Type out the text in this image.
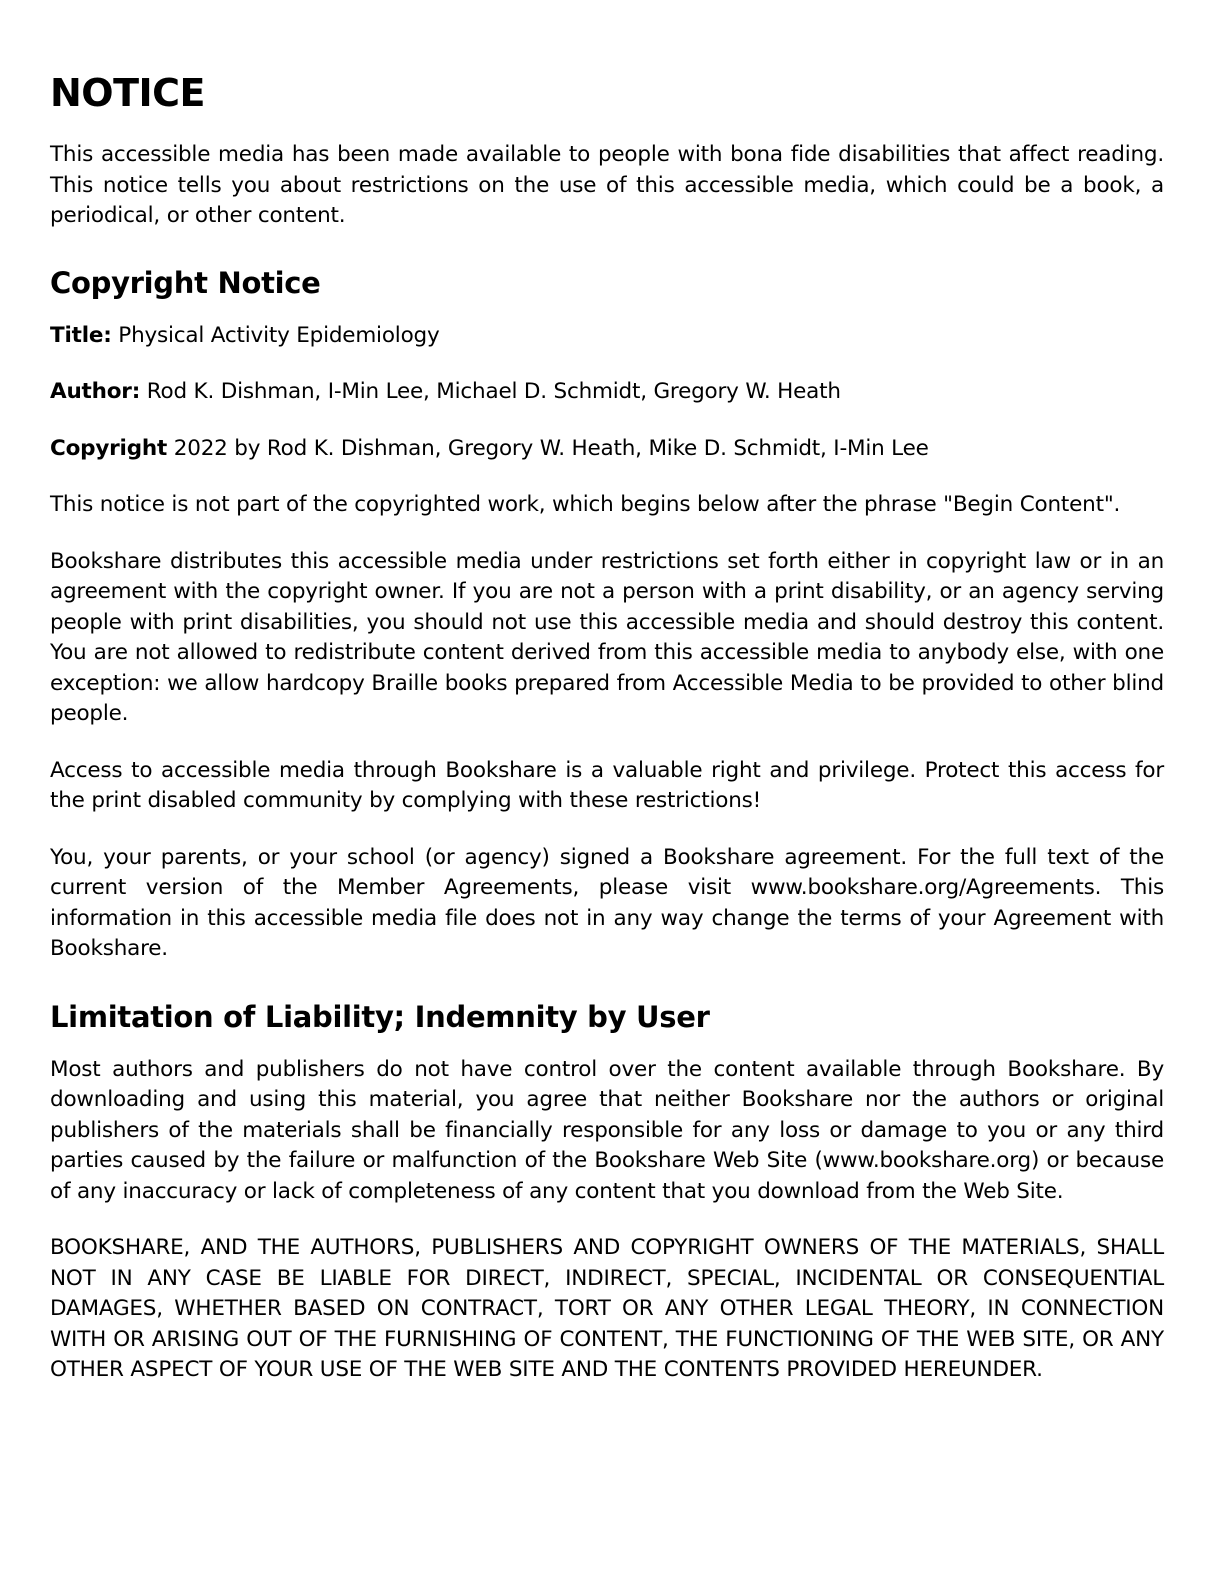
NOTICE

This accessible media has been made available to people with bona fide disabilities that affect reading. This notice tells you about restrictions on the use of this accessible media, which could be a book, a periodical, or other content.

Copyright Notice

Title: Physical Activity Epidemiology

Author: Rod K. Dishman, I-Min Lee, Michael D. Schmidt, Gregory W. Heath

Copyright 2022 by Rod K. Dishman, Gregory W. Heath, Mike D. Schmidt, I-Min Lee

This notice is not part of the copyrighted work, which begins below after the phrase "Begin Content".

Bookshare distributes this accessible media under restrictions set forth either in copyright law or in an agreement with the copyright owner. If you are not a person with a print disability, or an agency serving people with print disabilities, you should not use this accessible media and should destroy this content. You are not allowed to redistribute content derived from this accessible media to anybody else, with one exception: we allow hardcopy Braille books prepared from Accessible Media to be provided to other blind people.

Access to accessible media through Bookshare is a valuable right and privilege. Protect this access for the print disabled community by complying with these restrictions!

You, your parents, or your school (or agency) signed a Bookshare agreement. For the full text of the current version of the Member Agreements, please visit www.bookshare.org/Agreements. This information in this accessible media file does not in any way change the terms of your Agreement with Bookshare.

Limitation of Liability; Indemnity by User

Most authors and publishers do not have control over the content available through Bookshare. By downloading and using this material, you agree that neither Bookshare nor the authors or original publishers of the materials shall be financially responsible for any loss or damage to you or any third parties caused by the failure or malfunction of the Bookshare Web Site (www.bookshare.org) or because of any inaccuracy or lack of completeness of any content that you download from the Web Site.

BOOKSHARE, AND THE AUTHORS, PUBLISHERS AND COPYRIGHT OWNERS OF THE MATERIALS, SHALL NOT IN ANY CASE BE LIABLE FOR DIRECT, INDIRECT, SPECIAL, INCIDENTAL OR CONSEQUENTIAL DAMAGES, WHETHER BASED ON CONTRACT, TORT OR ANY OTHER LEGAL THEORY, IN CONNECTION WITH OR ARISING OUT OF THE FURNISHING OF CONTENT, THE FUNCTIONING OF THE WEB SITE, OR ANY OTHER ASPECT OF YOUR USE OF THE WEB SITE AND THE CONTENTS PROVIDED HEREUNDER.
